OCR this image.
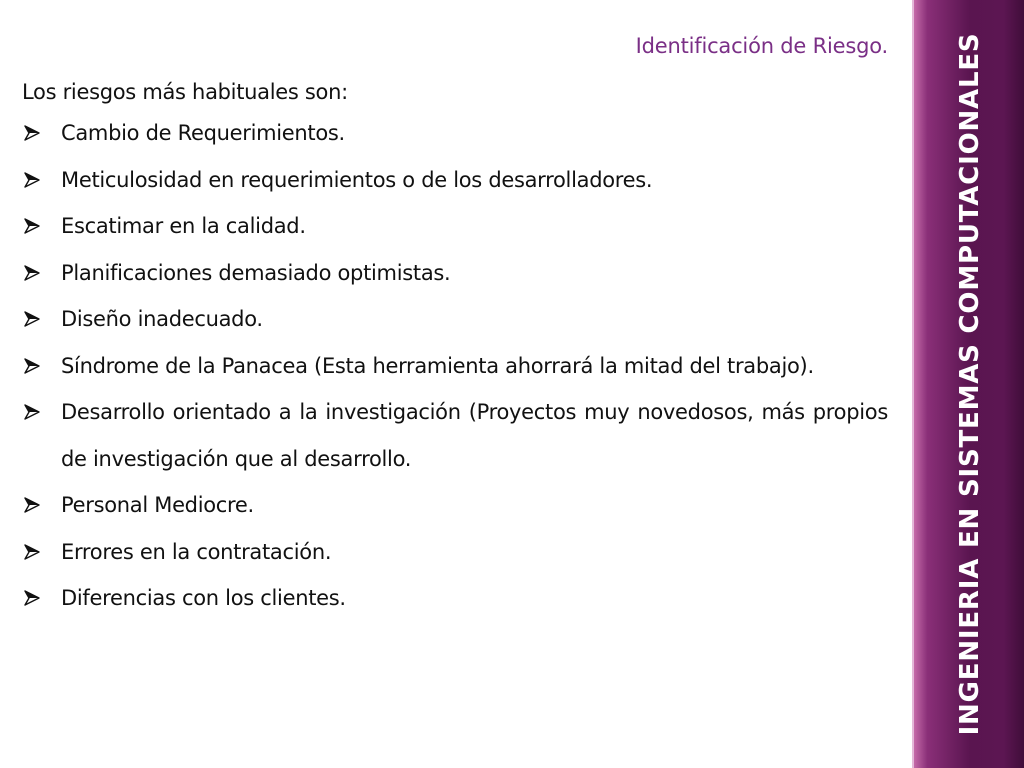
Identificación de Riesgo.

Los riesgos más habituales son:

Cambio de Requerimientos.
Meticulosidad en requerimientos o de los desarrolladores.
Escatimar en la calidad.
Planificaciones demasiado optimistas.
Diseño inadecuado.
Síndrome de la Panacea (Esta herramienta ahorrará la mitad del trabajo).
Desarrollo orientado a la investigación (Proyectos muy novedosos, más propios de investigación que al desarrollo.
Personal Mediocre.
Errores en la contratación.
Diferencias con los clientes.	INGENIERIA EN SISTEMAS COMPUTACIONALES
